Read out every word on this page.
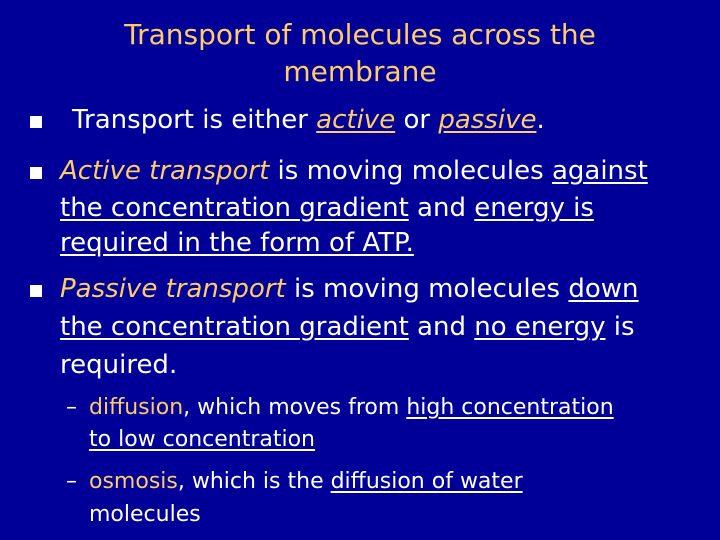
Transport of molecules across the
membrane
Transport is either active or passive.
Active transport is moving molecules against
the concentration gradient and energy is
required in the form of ATP.
Passive transport is moving molecules down
the concentration gradient and no energy is
required.
– diffusion, which moves from high concentration
to low concentration
– osmosis, which is the diffusion of water
molecules
